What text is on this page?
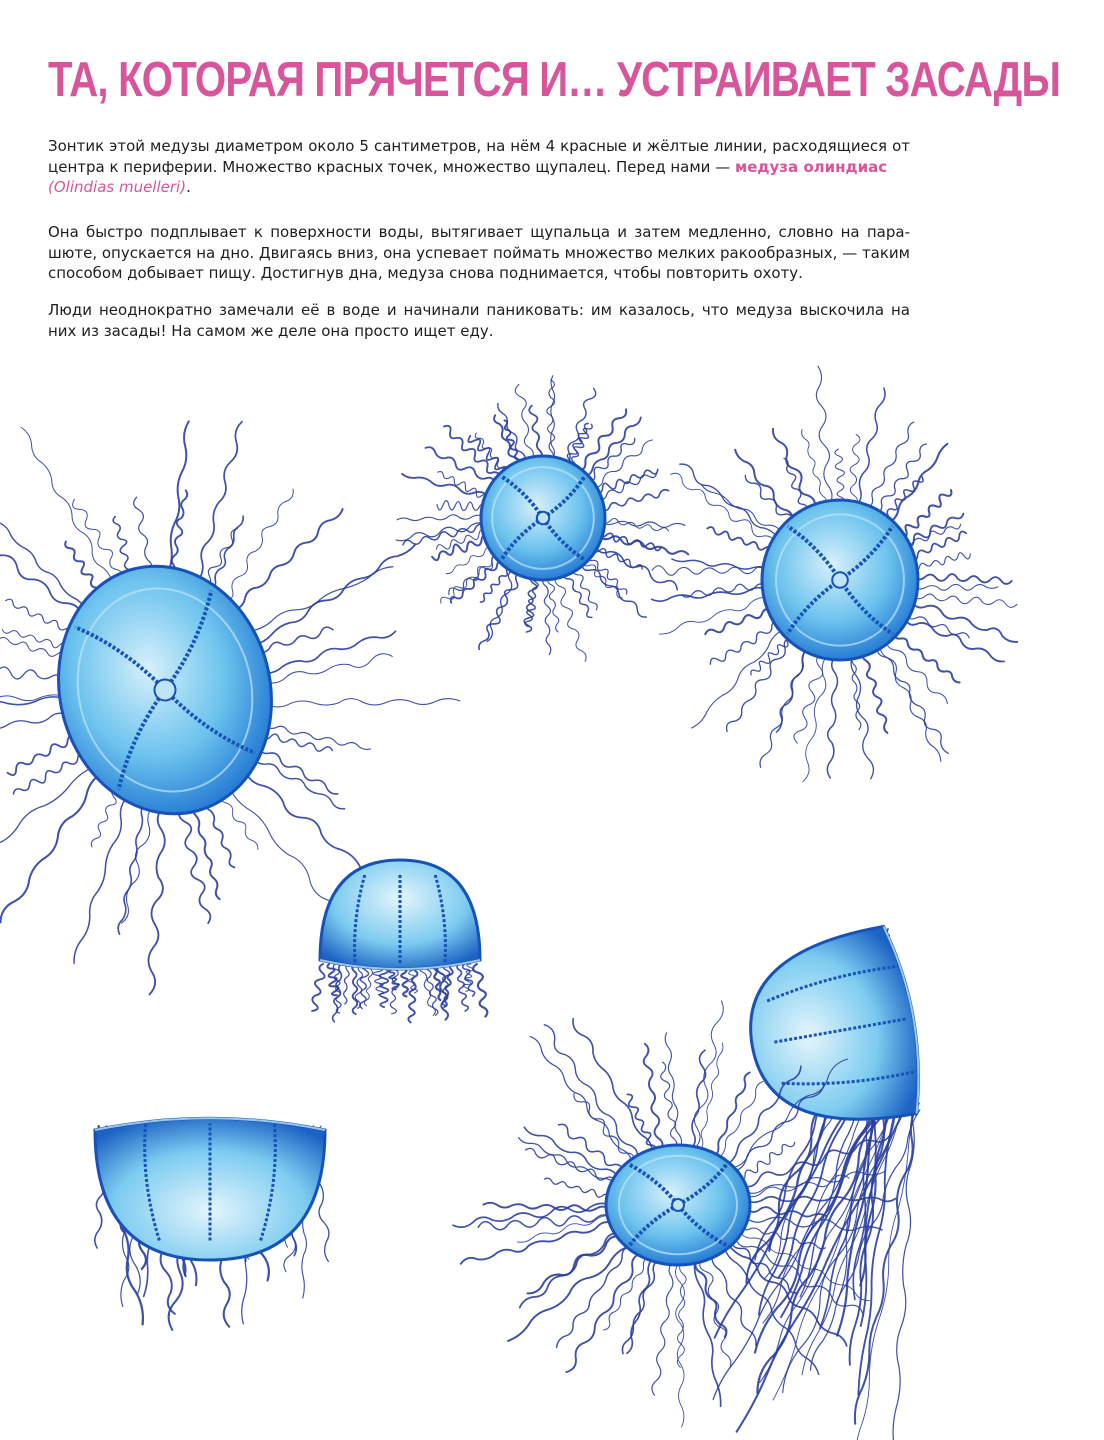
ТА, КОТОРАЯ ПРЯЧЕТСЯ И… УСТРАИВАЕТ ЗАСАДЫ

Зонтик этой медузы диаметром около 5 сантиметров, на нём 4 красные и жёлтые линии, расходящиеся от центра к периферии. Множество красных точек, множество щупалец. Перед нами — медуза олиндиас
(Olindias muelleri).

Она быстро подплывает к поверхности воды, вытягивает щупальца и затем медленно, словно на парашюте, опускается на дно. Двигаясь вниз, она успевает поймать множество мелких ракообразных, — таким способом добывает пищу. Достигнув дна, медуза снова поднимается, чтобы повторить охоту.

Люди неоднократно замечали её в воде и начинали паниковать: им казалось, что медуза выскочила на них из засады! На самом же деле она просто ищет еду.
